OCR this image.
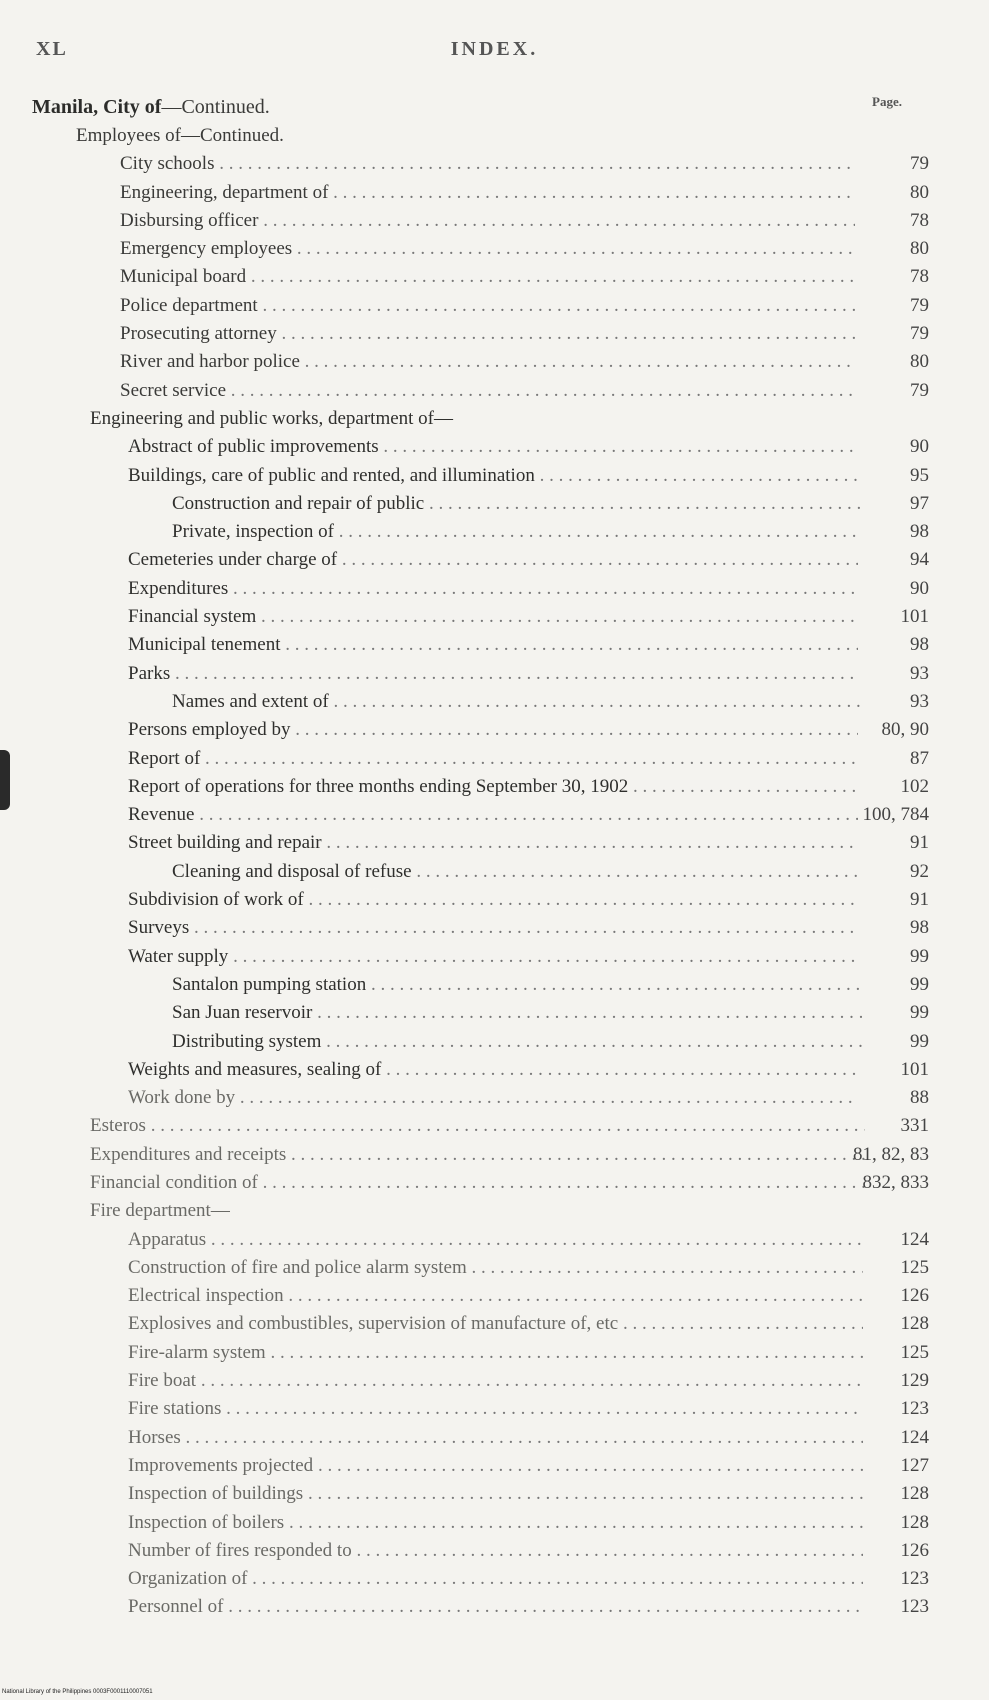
XL	INDEX.
Manila, City of—Continued.	Page.
Employees of—Continued.
City schools . . .	79
Engineering, department of . . .	80
Disbursing officer . . .	78
Emergency employees . . .	80
Municipal board . . .	78
Police department . . .	79
Prosecuting attorney . . .	79
River and harbor police . . .	80
Secret service . . .	79
Engineering and public works, department of—
Abstract of public improvements . . .	90
Buildings, care of public and rented, and illumination . . .	95
Construction and repair of public . . .	97
Private, inspection of . . .	98
Cemeteries under charge of . . .	94
Expenditures . . .	90
Financial system . . .	101
Municipal tenement . . .	98
Parks . . .	93
Names and extent of . . .	93
Persons employed by . . .	80, 90
Report of . . .	87
Report of operations for three months ending September 30, 1902 . . .	102
Revenue . . .	100, 784
Street building and repair . . .	91
Cleaning and disposal of refuse . . .	92
Subdivision of work of . . .	91
Surveys . . .	98
Water supply . . .	99
Santalon pumping station . . .	99
San Juan reservoir . . .	99
Distributing system . . .	99
Weights and measures, sealing of . . .	101
Work done by . . .	88
Esteros . . .	331
Expenditures and receipts . . .	81, 82, 83
Financial condition of . . .	832, 833
Fire department—
Apparatus . . .	124
Construction of fire and police alarm system . . .	125
Electrical inspection . . .	126
Explosives and combustibles, supervision of manufacture of, etc . . .	128
Fire-alarm system . . .	125
Fire boat . . .	129
Fire stations . . .	123
Horses . . .	124
Improvements projected . . .	127
Inspection of buildings . . .	128
Inspection of boilers . . .	128
Number of fires responded to . . .	126
Organization of . . .	123
Personnel of . . .	123
National Library of the Philippines 0003F0001110007051
